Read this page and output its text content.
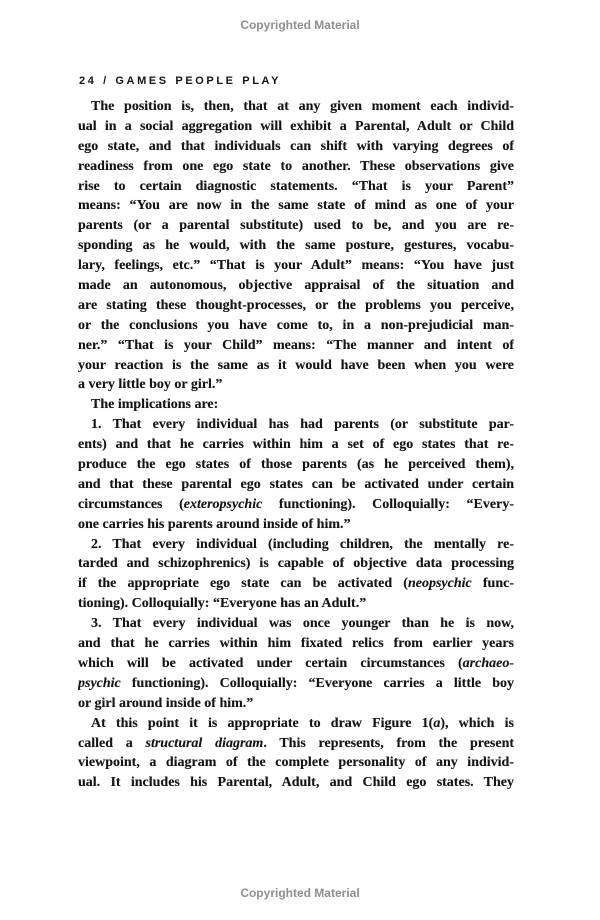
Copyrighted Material
24 / GAMES PEOPLE PLAY
The position is, then, that at any given moment each individ-
ual in a social aggregation will exhibit a Parental, Adult or Child
ego state, and that individuals can shift with varying degrees of
readiness from one ego state to another. These observations give
rise to certain diagnostic statements. “That is your Parent”
means: “You are now in the same state of mind as one of your
parents (or a parental substitute) used to be, and you are re-
sponding as he would, with the same posture, gestures, vocabu-
lary, feelings, etc.” “That is your Adult” means: “You have just
made an autonomous, objective appraisal of the situation and
are stating these thought-processes, or the problems you perceive,
or the conclusions you have come to, in a non-prejudicial man-
ner.” “That is your Child” means: “The manner and intent of
your reaction is the same as it would have been when you were
a very little boy or girl.”
The implications are:
1. That every individual has had parents (or substitute par-
ents) and that he carries within him a set of ego states that re-
produce the ego states of those parents (as he perceived them),
and that these parental ego states can be activated under certain
circumstances (exteropsychic functioning). Colloquially: “Every-
one carries his parents around inside of him.”
2. That every individual (including children, the mentally re-
tarded and schizophrenics) is capable of objective data processing
if the appropriate ego state can be activated (neopsychic func-
tioning). Colloquially: “Everyone has an Adult.”
3. That every individual was once younger than he is now,
and that he carries within him fixated relics from earlier years
which will be activated under certain circumstances (archaeo-
psychic functioning). Colloquially: “Everyone carries a little boy
or girl around inside of him.”
At this point it is appropriate to draw Figure 1(a), which is
called a structural diagram. This represents, from the present
viewpoint, a diagram of the complete personality of any individ-
ual. It includes his Parental, Adult, and Child ego states. They
Copyrighted Material
